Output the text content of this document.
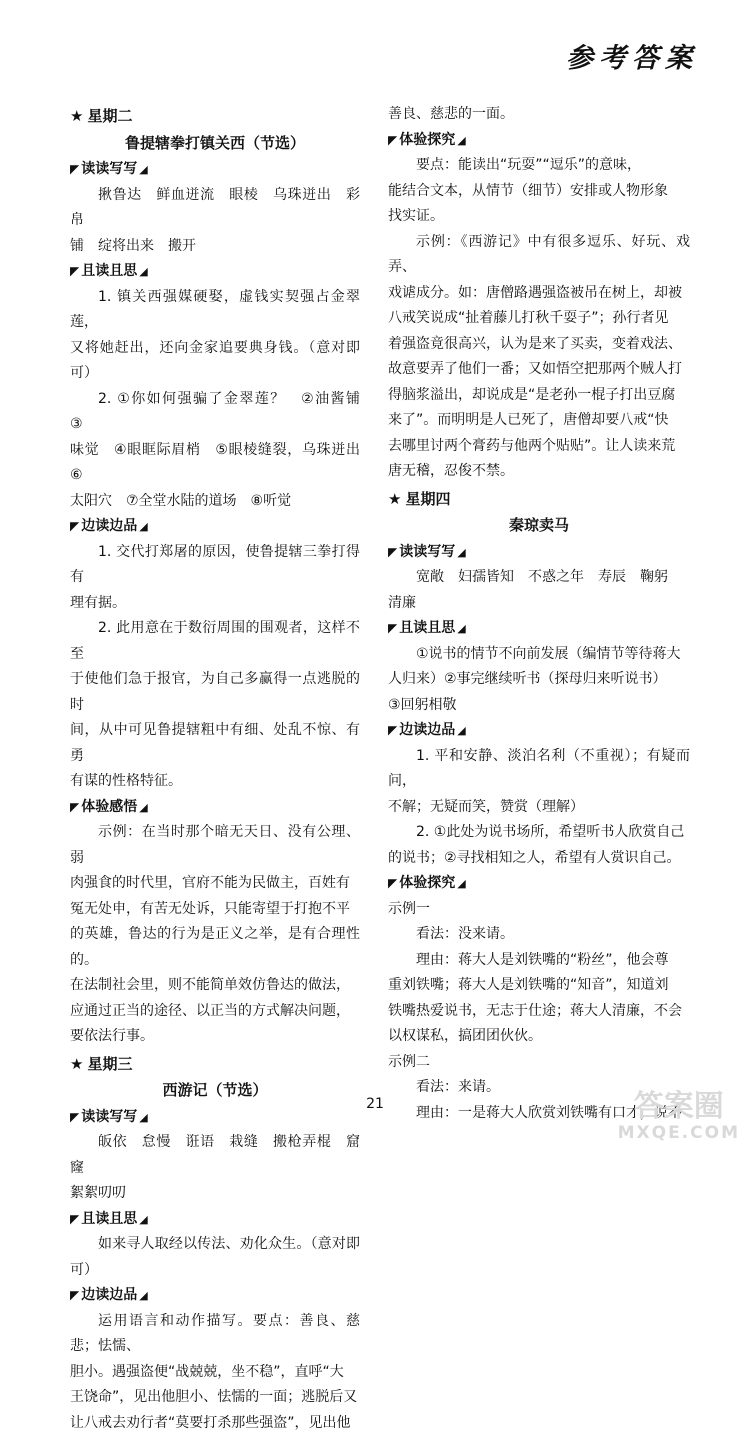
参考答案
★ 星期二
鲁提辖拳打镇关西（节选）
◤ 读读写写 ◢
揪鲁达　鲜血迸流　眼棱　乌珠迸出　彩帛
铺　绽将出来　搬开
◤ 且读且思 ◢
1. 镇关西强媒硬娶，虚钱实契强占金翠莲，
又将她赶出，还向金家追要典身钱。（意对即可）
2. ①你如何强骗了金翠莲？　②油酱铺　③
味觉　④眼眶际眉梢　⑤眼棱缝裂，乌珠迸出　⑥
太阳穴　⑦全堂水陆的道场　⑧听觉
◤ 边读边品 ◢
1. 交代打郑屠的原因，使鲁提辖三拳打得有
理有据。
2. 此用意在于数衍周围的围观者，这样不至
于使他们急于报官，为自己多赢得一点逃脱的时
间，从中可见鲁提辖粗中有细、处乱不惊、有勇
有谋的性格特征。
◤ 体验感悟 ◢
示例：在当时那个暗无天日、没有公理、弱
肉强食的时代里，官府不能为民做主，百姓有
冤无处申，有苦无处诉，只能寄望于打抱不平
的英雄，鲁达的行为是正义之举，是有合理性的。
在法制社会里，则不能简单效仿鲁达的做法，
应通过正当的途径、以正当的方式解决问题，
要依法行事。
★ 星期三
西游记（节选）
◤ 读读写写 ◢
皈依　怠慢　诳语　栽缝　搬枪弄棍　窟窿
絮絮叨叨
◤ 且读且思 ◢
如来寻人取经以传法、劝化众生。（意对即可）
◤ 边读边品 ◢
运用语言和动作描写。要点：善良、慈悲；怯懦、
胆小。遇强盗便“战兢兢，坐不稳”，直呼“大
王饶命”，见出他胆小、怯懦的一面；逃脱后又
让八戒去劝行者“莫要打杀那些强盗”，见出他
善良、慈悲的一面。
◤ 体验探究 ◢
要点：能读出“玩耍”“逗乐”的意味，
能结合文本，从情节（细节）安排或人物形象
找实证。
示例：《西游记》中有很多逗乐、好玩、戏弄、
戏谑成分。如：唐僧路遇强盗被吊在树上，却被
八戒笑说成“扯着藤儿打秋千耍子”；孙行者见
着强盗竟很高兴，认为是来了买卖，变着戏法、
故意要弄了他们一番；又如悟空把那两个贼人打
得脑浆溢出，却说成是“是老孙一棍子打出豆腐
来了”。而明明是人已死了，唐僧却要八戒“快
去哪里讨两个膏药与他两个贴贴”。让人读来荒
唐无稽，忍俊不禁。
★ 星期四
秦琼卖马
◤ 读读写写 ◢
宽敞　妇孺皆知　不惑之年　寿辰　鞠躬
清廉
◤ 且读且思 ◢
①说书的情节不向前发展（编情节等待蒋大
人归来）②事完继续听书（探母归来听说书）
③回躬相敬
◤ 边读边品 ◢
1. 平和安静、淡泊名利（不重视）；有疑而问，
不解；无疑而笑，赞赏（理解）
2. ①此处为说书场所，希望听书人欣赏自己
的说书；②寻找相知之人，希望有人赏识自己。
◤ 体验探究 ◢
示例一
看法：没来请。
理由：蒋大人是刘铁嘴的“粉丝”，他会尊
重刘铁嘴；蒋大人是刘铁嘴的“知音”，知道刘
铁嘴热爱说书，无志于仕途；蒋大人清廉，不会
以权谋私，搞团团伙伙。
示例二
看法：来请。
理由：一是蒋大人欣赏刘铁嘴有口才，说不
21	答案圈
MXQE.COM
